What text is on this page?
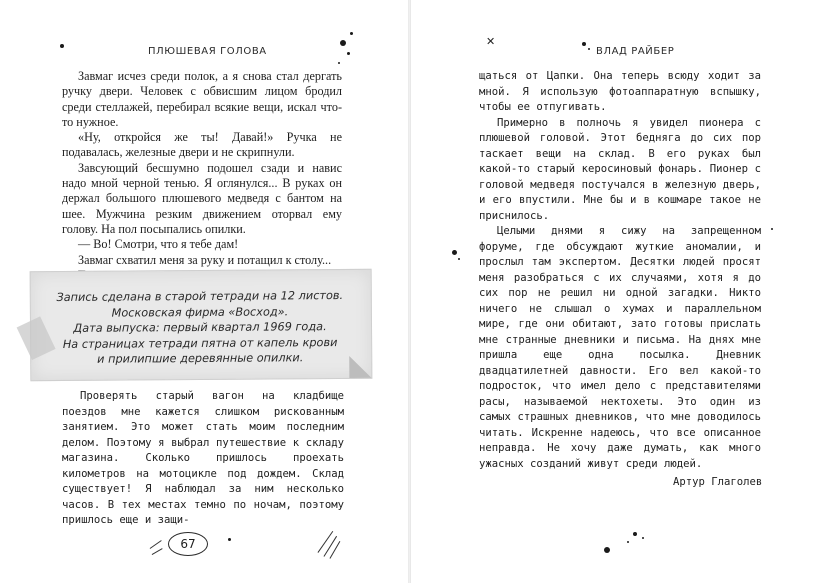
ПЛЮШЕВАЯ ГОЛОВА

Завмаг исчез среди полок, а я снова стал дергать ручку двери. Человек с обвисшим лицом бродил среди стеллажей, перебирал всякие вещи, искал что-то нужное.

«Ну, откройся же ты! Давай!» Ручка не подавалась, железные двери и не скрипнули.

Завсующий бесшумно подошел сзади и навис надо мной черной тенью. Я оглянулся... В руках он держал большого плюшевого медведя с бантом на шее. Мужчина резким движением оторвал ему голову. На пол посыпались опилки.

— Во! Смотри, что я тебе дам!

Завмаг схватил меня за руку и потащил к столу...

Запись сделана в старой тетради на 12 листов.
Московская фирма «Восход».
Дата выпуска: первый квартал 1969 года.
На страницах тетради пятна от капель крови
и прилипшие деревянные опилки.

Проверять старый вагон на кладбище поездов мне кажется слишком рискованным занятием. Это может стать моим последним делом. Поэтому я выбрал путешествие к складу магазина. Сколько пришлось проехать километров на мотоцикле под дождем. Склад существует! Я наблюдал за ним несколько часов. В тех местах темно по ночам, поэтому пришлось еще и защи-

67
✕
ВЛАД РАЙБЕР

щаться от Цапки. Она теперь всюду ходит за мной. Я использую фотоаппаратную вспышку, чтобы ее отпугивать.

Примерно в полночь я увидел пионера с плюшевой головой. Этот бедняга до сих пор таскает вещи на склад. В его руках был какой-то старый керосиновый фонарь. Пионер с головой медведя постучался в железную дверь, и его впустили. Мне бы и в кошмаре такое не приснилось.

Целыми днями я сижу на запрещенном форуме, где обсуждают жуткие аномалии, и прослыл там экспертом. Десятки людей просят меня разобраться с их случаями, хотя я до сих пор не решил ни одной загадки. Никто ничего не слышал о хумах и параллельном мире, где они обитают, зато готовы прислать мне странные дневники и письма. На днях мне пришла еще одна посылка. Дневник двадцатилетней давности. Его вел какой-то подросток, что имел дело с представителями расы, называемой нектохеты. Это один из самых страшных дневников, что мне доводилось читать. Искренне надеюсь, что все описанное неправда. Не хочу даже думать, как много ужасных созданий живут среди людей.

Артур Глаголев
